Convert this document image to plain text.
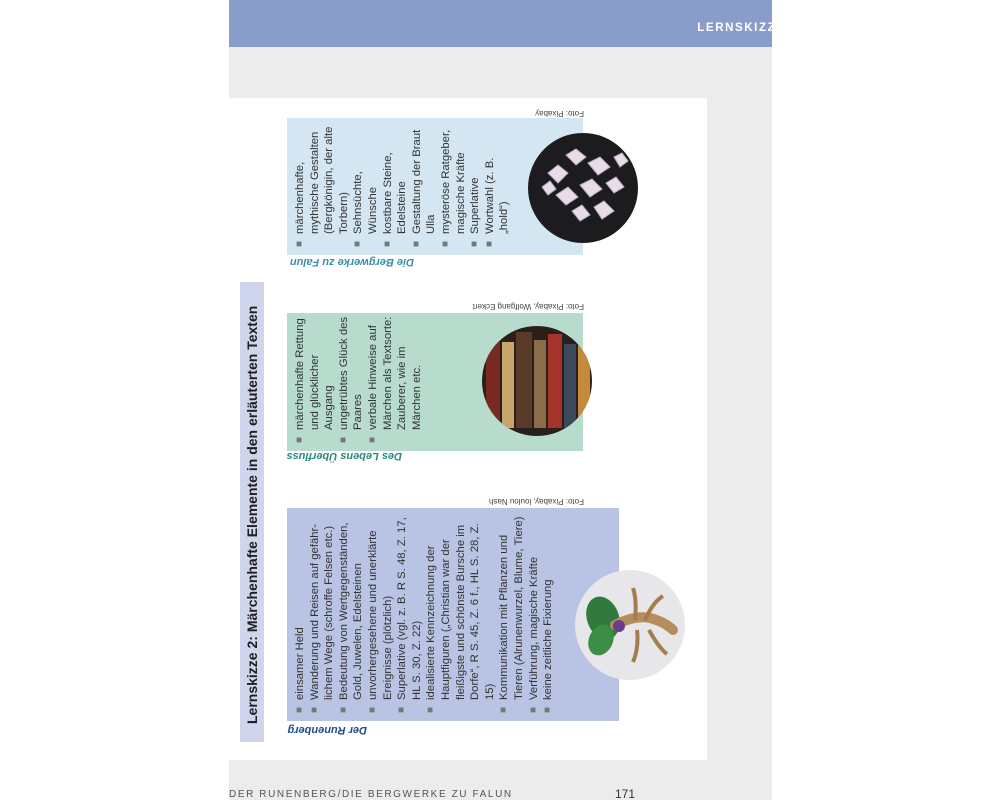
LERNSKIZZEN UND SCHAUBILDER
Lernskizze 2: Märchenhafte Elemente in den erläuterten Texten	■
einsamer Held
■
Wanderung und Reisen auf gefähr-lichem Wege (schroffe Felsen etc.)
■
Bedeutung von Wertgegenständen, Gold, Juwelen, Edelsteinen
■
unvorhergesehene und unerklärte Ereignisse (plötzlich)
■
Superlative (vgl. z. B. R S. 48, Z. 17, HL S. 30, Z. 22)
■
idealisierte Kennzeichnung der Hauptfiguren („Christian war der fleißigste und schönste Bursche im Dorfe“, R S. 45, Z. 6 f., HL S. 28, Z. 15)
■
Kommunikation mit Pflanzen und Tieren (Alrunenwurzel, Blume, Tiere)
■
Verführung, magische Kräfte
■
keine zeitliche Fixierung
Der Runenberg
Foto: Pixabay, loulou Nash
■
märchenhafte Rettung und glücklicher Ausgang
■
ungetrübtes Glück des Paares
■
verbale Hinweise auf Märchen als Textsorte: Zauberer, wie im Märchen etc.
Des Lebens Überfluss
Foto: Pixabay, Wolfgang Eckert
■
märchenhafte, mythische Gestalten (Bergkönigin, der alte Torbern)
■
Sehnsüchte, Wünsche
■
kostbare Steine, Edelsteine
■
Gestaltung der Braut Ulla
■
mysteröse Ratgeber, magische Kräfte
■
Superlative
■
Wortwahl (z. B. „hold“)
Die Bergwerke zu Falun
Foto: Pixabay
DER RUNENBERG/DIE BERGWERKE ZU FALUN	171
